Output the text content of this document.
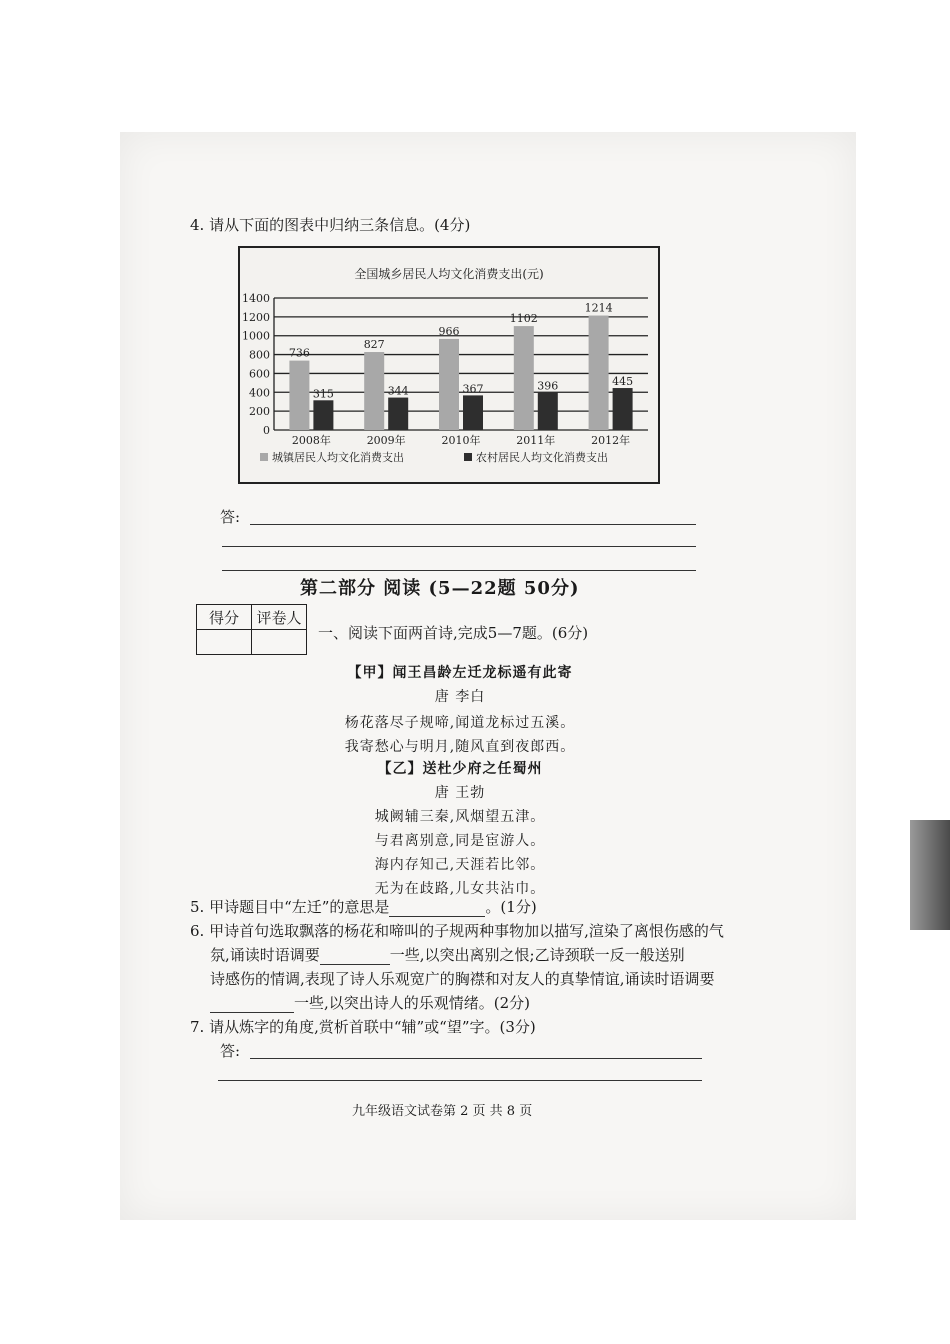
4. 请从下面的图表中归纳三条信息。(4分)
全国城乡居民人均文化消费支出(元)
0
200
400
600
800
1000
1200
1400
736
315
2008年
827
344
2009年
966
367
2010年
1102
396
2011年
1214
445
2012年
城镇居民人均文化消费支出	农村居民人均文化消费支出
答:
第二部分 阅读 (5—22题 50分)
得分	评卷人

一、阅读下面两首诗,完成5—7题。(6分)
【甲】闻王昌龄左迁龙标遥有此寄
唐 李白
杨花落尽子规啼,闻道龙标过五溪。
我寄愁心与明月,随风直到夜郎西。
【乙】送杜少府之任蜀州
唐 王勃
城阙辅三秦,风烟望五津。
与君离别意,同是宦游人。
海内存知己,天涯若比邻。
无为在歧路,儿女共沾巾。
5. 甲诗题目中“左迁”的意思是	。(1分)
6. 甲诗首句选取飘落的杨花和啼叫的子规两种事物加以描写,渲染了离恨伤感的气
氛,诵读时语调要	一些,以突出离别之恨;乙诗颈联一反一般送别
诗感伤的情调,表现了诗人乐观宽广的胸襟和对友人的真挚情谊,诵读时语调要
一些,以突出诗人的乐观情绪。(2分)
7. 请从炼字的角度,赏析首联中“辅”或“望”字。(3分)
答:
九年级语文试卷第 2 页 共 8 页
